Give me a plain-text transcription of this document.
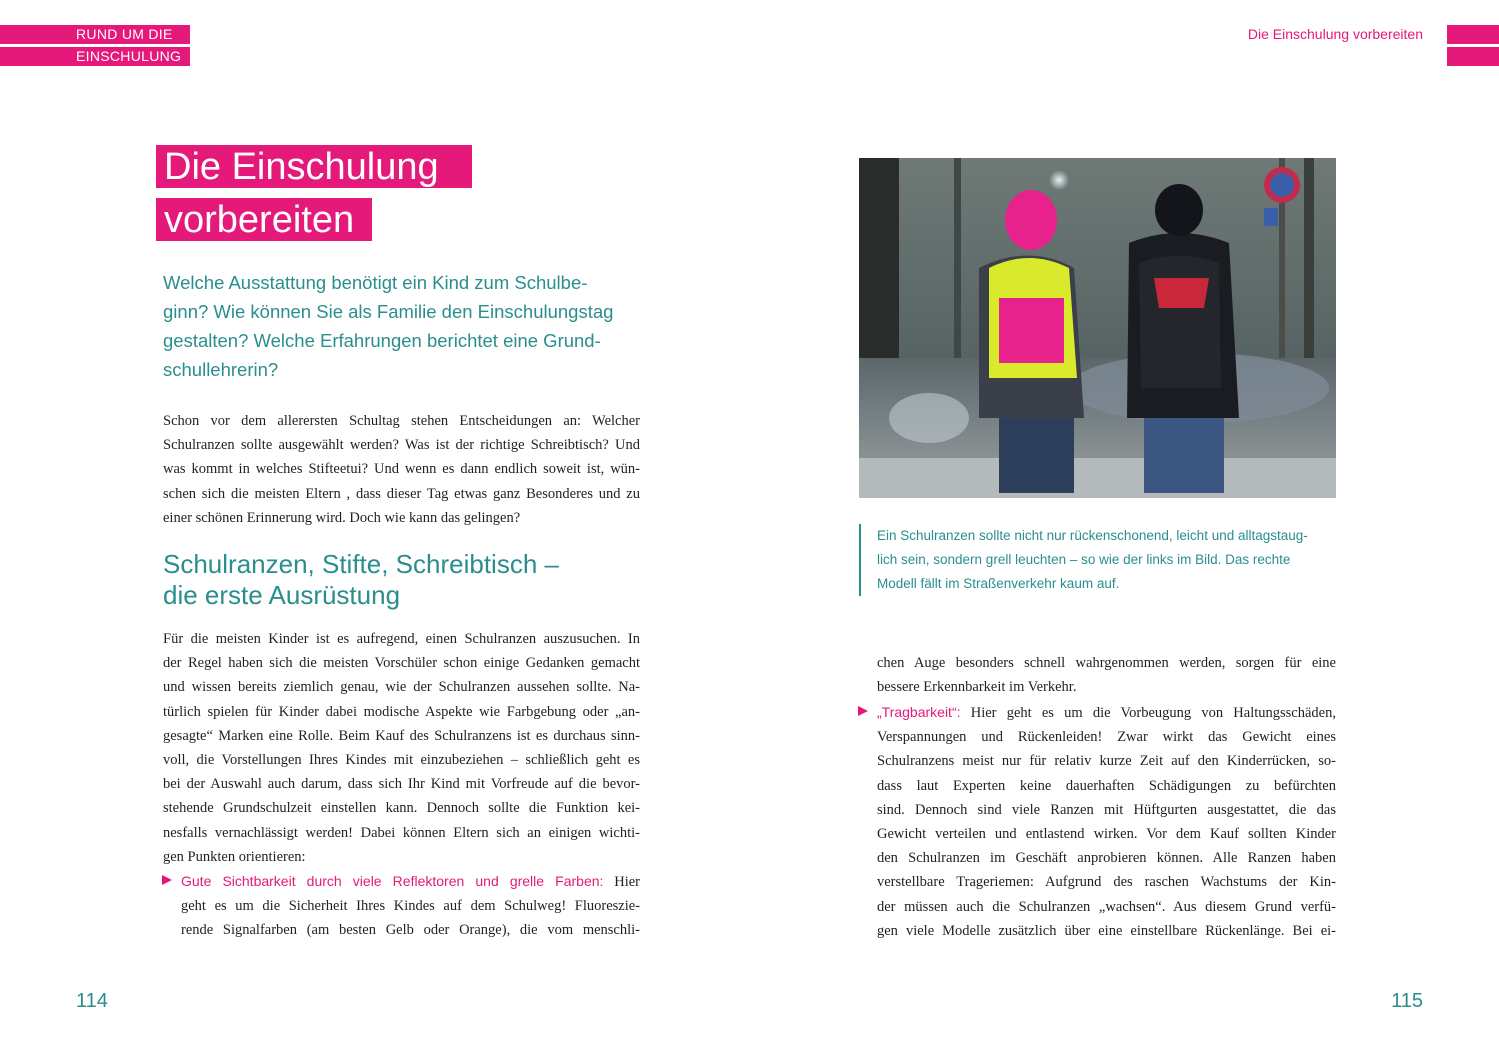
RUND UM DIE
EINSCHULUNG
Die Einschulung vorbereiten
Die Einschulung
vorbereiten

Welche Ausstattung benötigt ein Kind zum Schulbe-

ginn? Wie können Sie als Familie den Einschulungstag

gestalten? Welche Erfahrungen berichtet eine Grund-

schullehrerin?

Schon vor dem allerersten Schultag stehen Entscheidungen an: Welcher

Schulranzen sollte ausgewählt werden? Was ist der richtige Schreibtisch? Und

was kommt in welches Stifteetui? Und wenn es dann endlich soweit ist, wün-

schen sich die meisten Eltern , dass dieser Tag etwas ganz Besonderes und zu

einer schönen Erinnerung wird. Doch wie kann das gelingen?

Schulranzen, Stifte, Schreibtisch –
die erste Ausrüstung

Für die meisten Kinder ist es aufregend, einen Schulranzen auszusuchen. In

der Regel haben sich die meisten Vorschüler schon einige Gedanken gemacht

und wissen bereits ziemlich genau, wie der Schulranzen aussehen sollte. Na-

türlich spielen für Kinder dabei modische Aspekte wie Farbgebung oder „an-

gesagte“ Marken eine Rolle. Beim Kauf des Schulranzens ist es durchaus sinn-

voll, die Vorstellungen Ihres Kindes mit einzubeziehen – schließlich geht es

bei der Auswahl auch darum, dass sich Ihr Kind mit Vorfreude auf die bevor-

stehende Grundschulzeit einstellen kann. Dennoch sollte die Funktion kei-

nesfalls vernachlässigt werden! Dabei können Eltern sich an einigen wichti-

gen Punkten orientieren:

Gute Sichtbarkeit durch viele Reflektoren und grelle Farben: Hier

geht es um die Sicherheit Ihres Kindes auf dem Schulweg! Fluoreszie-

rende Signalfarben (am besten Gelb oder Orange), die vom menschli-

Ein Schulranzen sollte nicht nur rückenschonend, leicht und alltagstaug-
lich sein, sondern grell leuchten – so wie der links im Bild. Das rechte
Modell fällt im Straßenverkehr kaum auf.

chen Auge besonders schnell wahrgenommen werden, sorgen für eine

bessere Erkennbarkeit im Verkehr.

„Tragbarkeit“: Hier geht es um die Vorbeugung von Haltungsschäden,

Verspannungen und Rückenleiden! Zwar wirkt das Gewicht eines

Schulranzens meist nur für relativ kurze Zeit auf den Kinderrücken, so-

dass laut Experten keine dauerhaften Schädigungen zu befürchten

sind. Dennoch sind viele Ranzen mit Hüftgurten ausgestattet, die das

Gewicht verteilen und entlastend wirken. Vor dem Kauf sollten Kinder

den Schulranzen im Geschäft anprobieren können. Alle Ranzen haben

verstellbare Trageriemen: Aufgrund des raschen Wachstums der Kin-

der müssen auch die Schulranzen „wachsen“. Aus diesem Grund verfü-

gen viele Modelle zusätzlich über eine einstellbare Rückenlänge. Bei ei-

114	115
